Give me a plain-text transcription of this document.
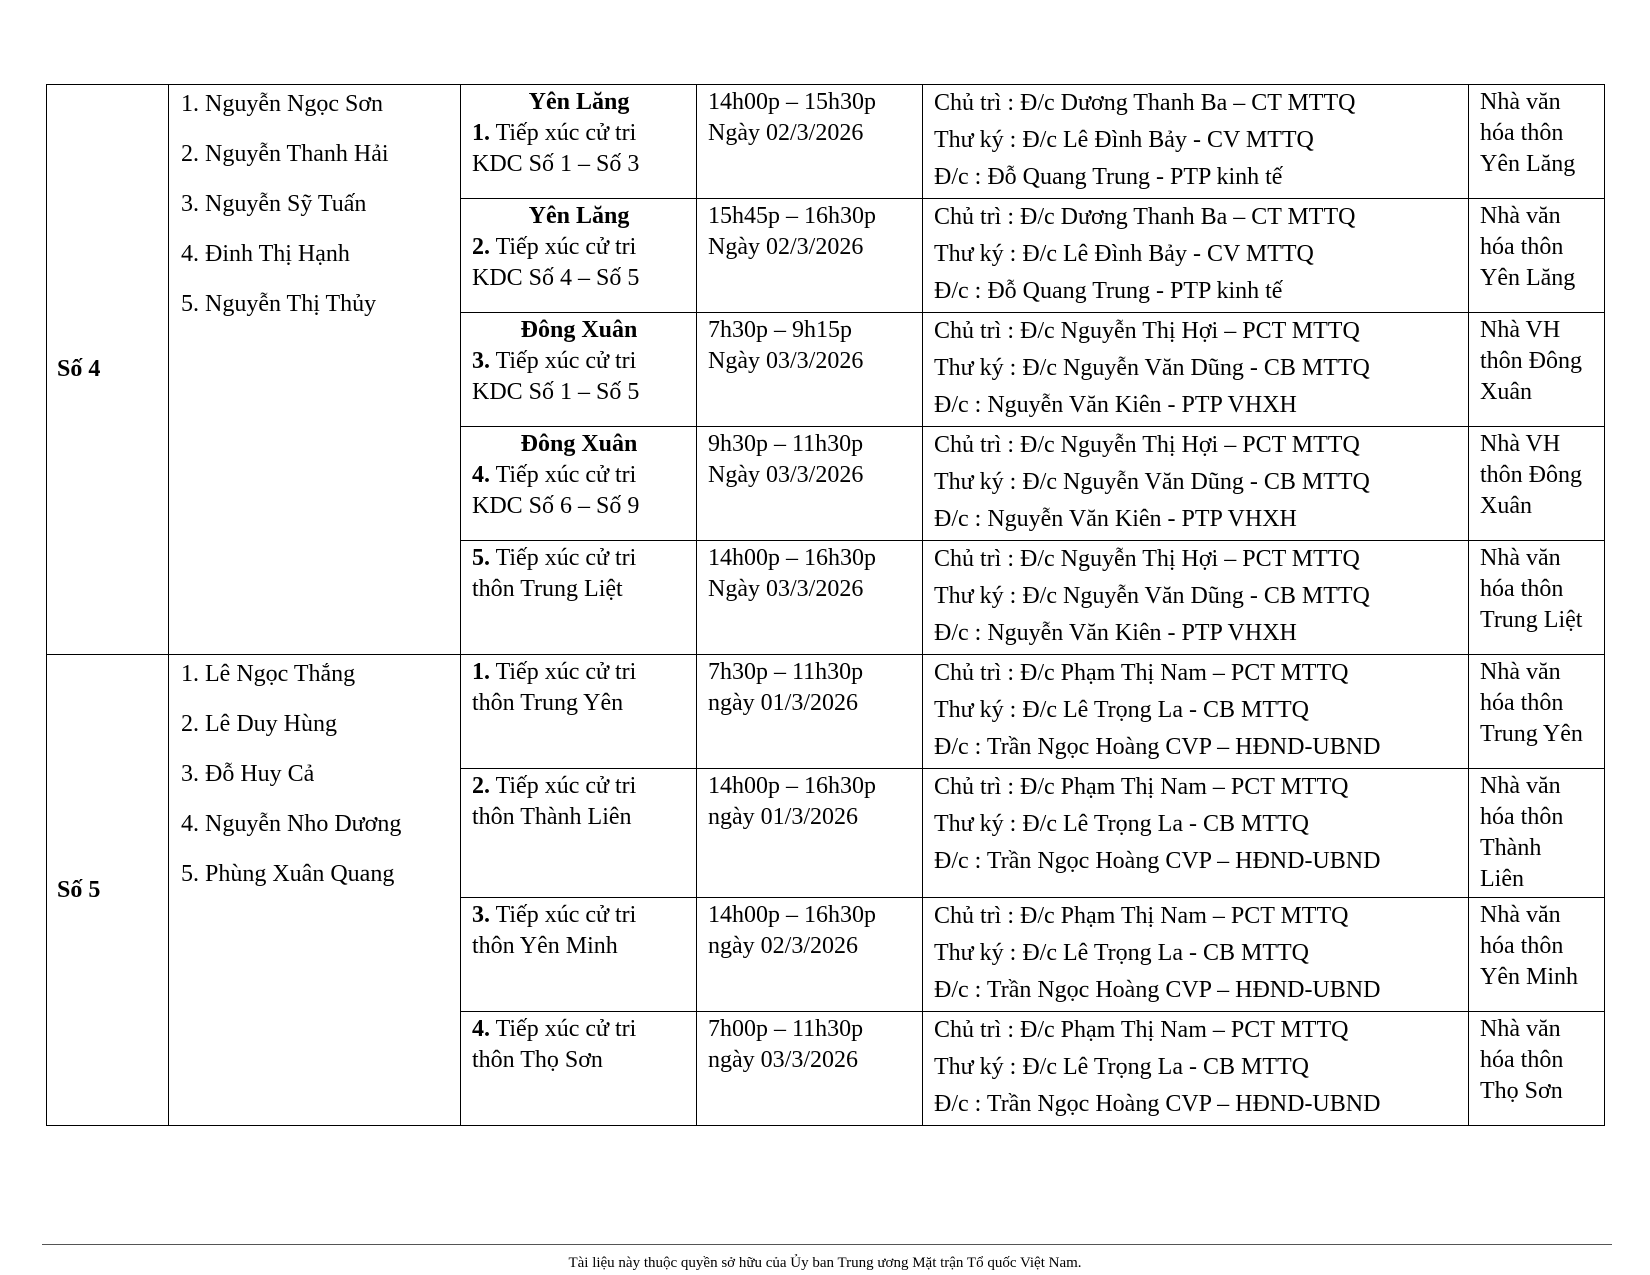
Số 4	1. Nguyễn Ngọc Sơn
2. Nguyễn Thanh Hải
3. Nguyễn Sỹ Tuấn
4. Đinh Thị Hạnh
5. Nguyễn Thị Thủy	Yên Lăng
1. Tiếp xúc cử tri
KDC Số 1 – Số 3	14h00p – 15h30p
Ngày 02/3/2026	Chủ trì : Đ/c Dương Thanh Ba – CT MTTQ
Thư ký : Đ/c Lê Đình Bảy - CV MTTQ
Đ/c : Đỗ Quang Trung - PTP kinh tế	Nhà văn
hóa thôn
Yên Lăng

		Yên Lăng
2. Tiếp xúc cử tri
KDC Số 4 – Số 5	15h45p – 16h30p
Ngày 02/3/2026	Chủ trì : Đ/c Dương Thanh Ba – CT MTTQ
Thư ký : Đ/c Lê Đình Bảy - CV MTTQ
Đ/c : Đỗ Quang Trung - PTP kinh tế	Nhà văn
hóa thôn
Yên Lăng

		Đông Xuân
3. Tiếp xúc cử tri
KDC Số 1 – Số 5	7h30p – 9h15p
Ngày 03/3/2026	Chủ trì : Đ/c Nguyễn Thị Hợi – PCT MTTQ
Thư ký : Đ/c Nguyễn Văn Dũng - CB MTTQ
Đ/c : Nguyễn Văn Kiên - PTP VHXH	Nhà VH
thôn Đông
Xuân

		Đông Xuân
4. Tiếp xúc cử tri
KDC Số 6 – Số 9	9h30p – 11h30p
Ngày 03/3/2026	Chủ trì : Đ/c Nguyễn Thị Hợi – PCT MTTQ
Thư ký : Đ/c Nguyễn Văn Dũng - CB MTTQ
Đ/c : Nguyễn Văn Kiên - PTP VHXH	Nhà VH
thôn Đông
Xuân

		5. Tiếp xúc cử tri
thôn Trung Liệt	14h00p – 16h30p
Ngày 03/3/2026	Chủ trì : Đ/c Nguyễn Thị Hợi – PCT MTTQ
Thư ký : Đ/c Nguyễn Văn Dũng - CB MTTQ
Đ/c : Nguyễn Văn Kiên - PTP VHXH	Nhà văn
hóa thôn
Trung Liệt

Số 5	1. Lê Ngọc Thắng
2. Lê Duy Hùng
3. Đỗ Huy Cả
4. Nguyễn Nho Dương
5. Phùng Xuân Quang	1. Tiếp xúc cử tri
thôn Trung Yên	7h30p – 11h30p
ngày 01/3/2026	Chủ trì : Đ/c Phạm Thị Nam – PCT MTTQ
Thư ký : Đ/c Lê Trọng La - CB MTTQ
Đ/c : Trần Ngọc Hoàng CVP – HĐND-UBND	Nhà văn
hóa thôn
Trung Yên

		2. Tiếp xúc cử tri
thôn Thành Liên	14h00p – 16h30p
ngày 01/3/2026	Chủ trì : Đ/c Phạm Thị Nam – PCT MTTQ
Thư ký : Đ/c Lê Trọng La - CB MTTQ
Đ/c : Trần Ngọc Hoàng CVP – HĐND-UBND	Nhà văn
hóa thôn
Thành
Liên

		3. Tiếp xúc cử tri
thôn Yên Minh	14h00p – 16h30p
ngày 02/3/2026	Chủ trì : Đ/c Phạm Thị Nam – PCT MTTQ
Thư ký : Đ/c Lê Trọng La - CB MTTQ
Đ/c : Trần Ngọc Hoàng CVP – HĐND-UBND	Nhà văn
hóa thôn
Yên Minh

		4. Tiếp xúc cử tri
thôn Thọ Sơn	7h00p – 11h30p
ngày 03/3/2026	Chủ trì : Đ/c Phạm Thị Nam – PCT MTTQ
Thư ký : Đ/c Lê Trọng La - CB MTTQ
Đ/c : Trần Ngọc Hoàng CVP – HĐND-UBND	Nhà văn
hóa thôn
Thọ Sơn
Tài liệu này thuộc quyền sở hữu của Ủy ban Trung ương Mặt trận Tổ quốc Việt Nam.
